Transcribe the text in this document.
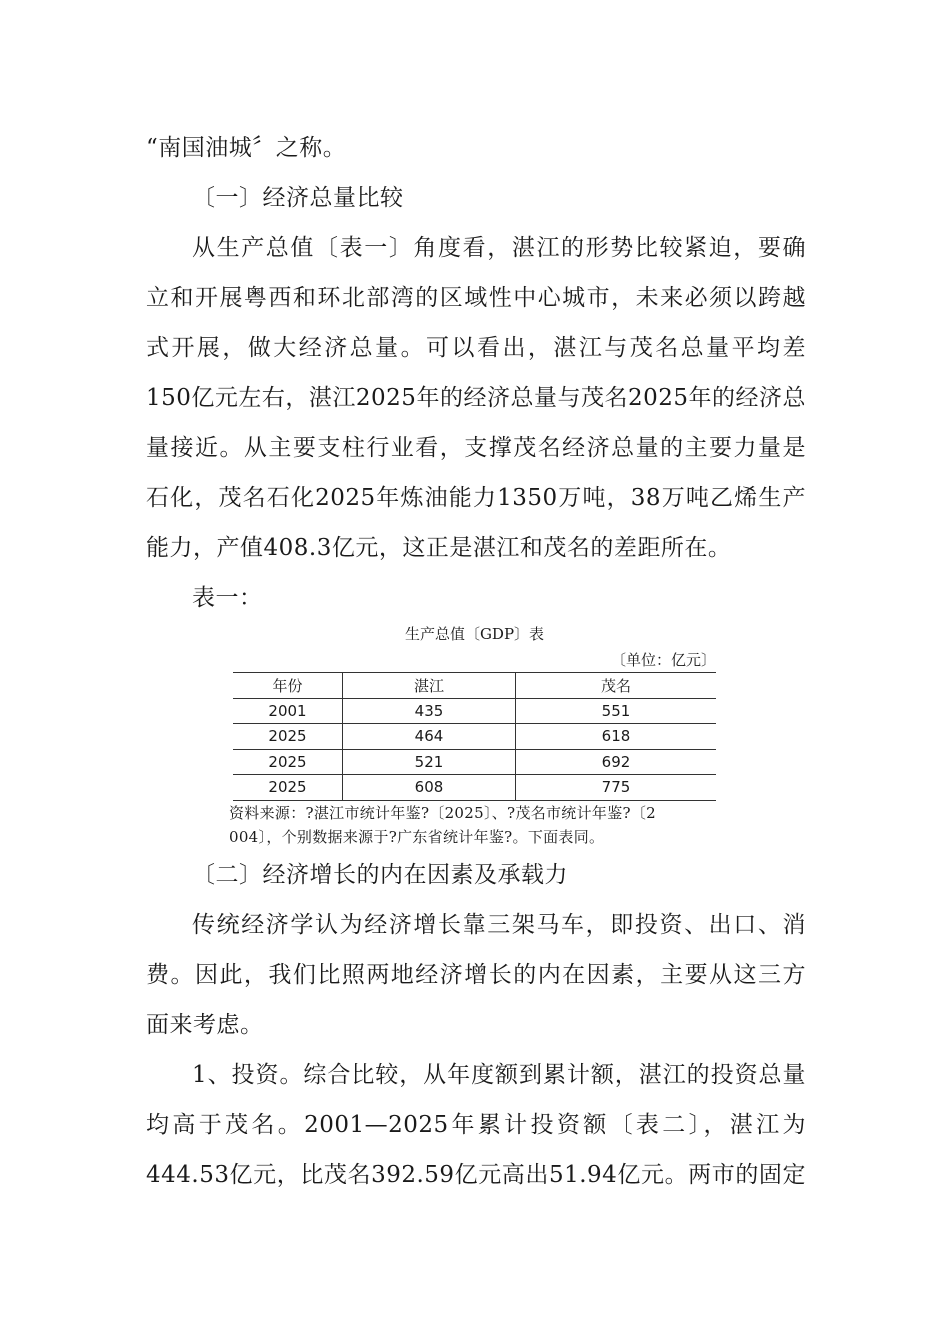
“南国油城〞之称。
〔一〕经济总量比较
从生产总值〔表一〕角度看，湛江的形势比较紧迫，要确
立和开展粤西和环北部湾的区域性中心城市，未来必须以跨越
式开展，做大经济总量。可以看出，湛江与茂名总量平均差
150亿元左右，湛江2025年的经济总量与茂名2025年的经济总
量接近。从主要支柱行业看，支撑茂名经济总量的主要力量是
石化，茂名石化2025年炼油能力1350万吨，38万吨乙烯生产
能力，产值408.3亿元，这正是湛江和茂名的差距所在。
表一：
生产总值〔GDP〕表
〔单位：亿元〕
年份	湛江	茂名
2001	435	551
2025	464	618
2025	521	692
2025	608	775
资料来源：?湛江市统计年鉴?〔2025〕、?茂名市统计年鉴?〔2
004〕，个别数据来源于?广东省统计年鉴?。下面表同。
〔二〕经济增长的内在因素及承载力
传统经济学认为经济增长靠三架马车，即投资、出口、消
费。因此，我们比照两地经济增长的内在因素，主要从这三方
面来考虑。
1、投资。综合比较，从年度额到累计额，湛江的投资总量
均高于茂名。2001—2025年累计投资额〔表二〕，湛江为
444.53亿元，比茂名392.59亿元高出51.94亿元。两市的固定
